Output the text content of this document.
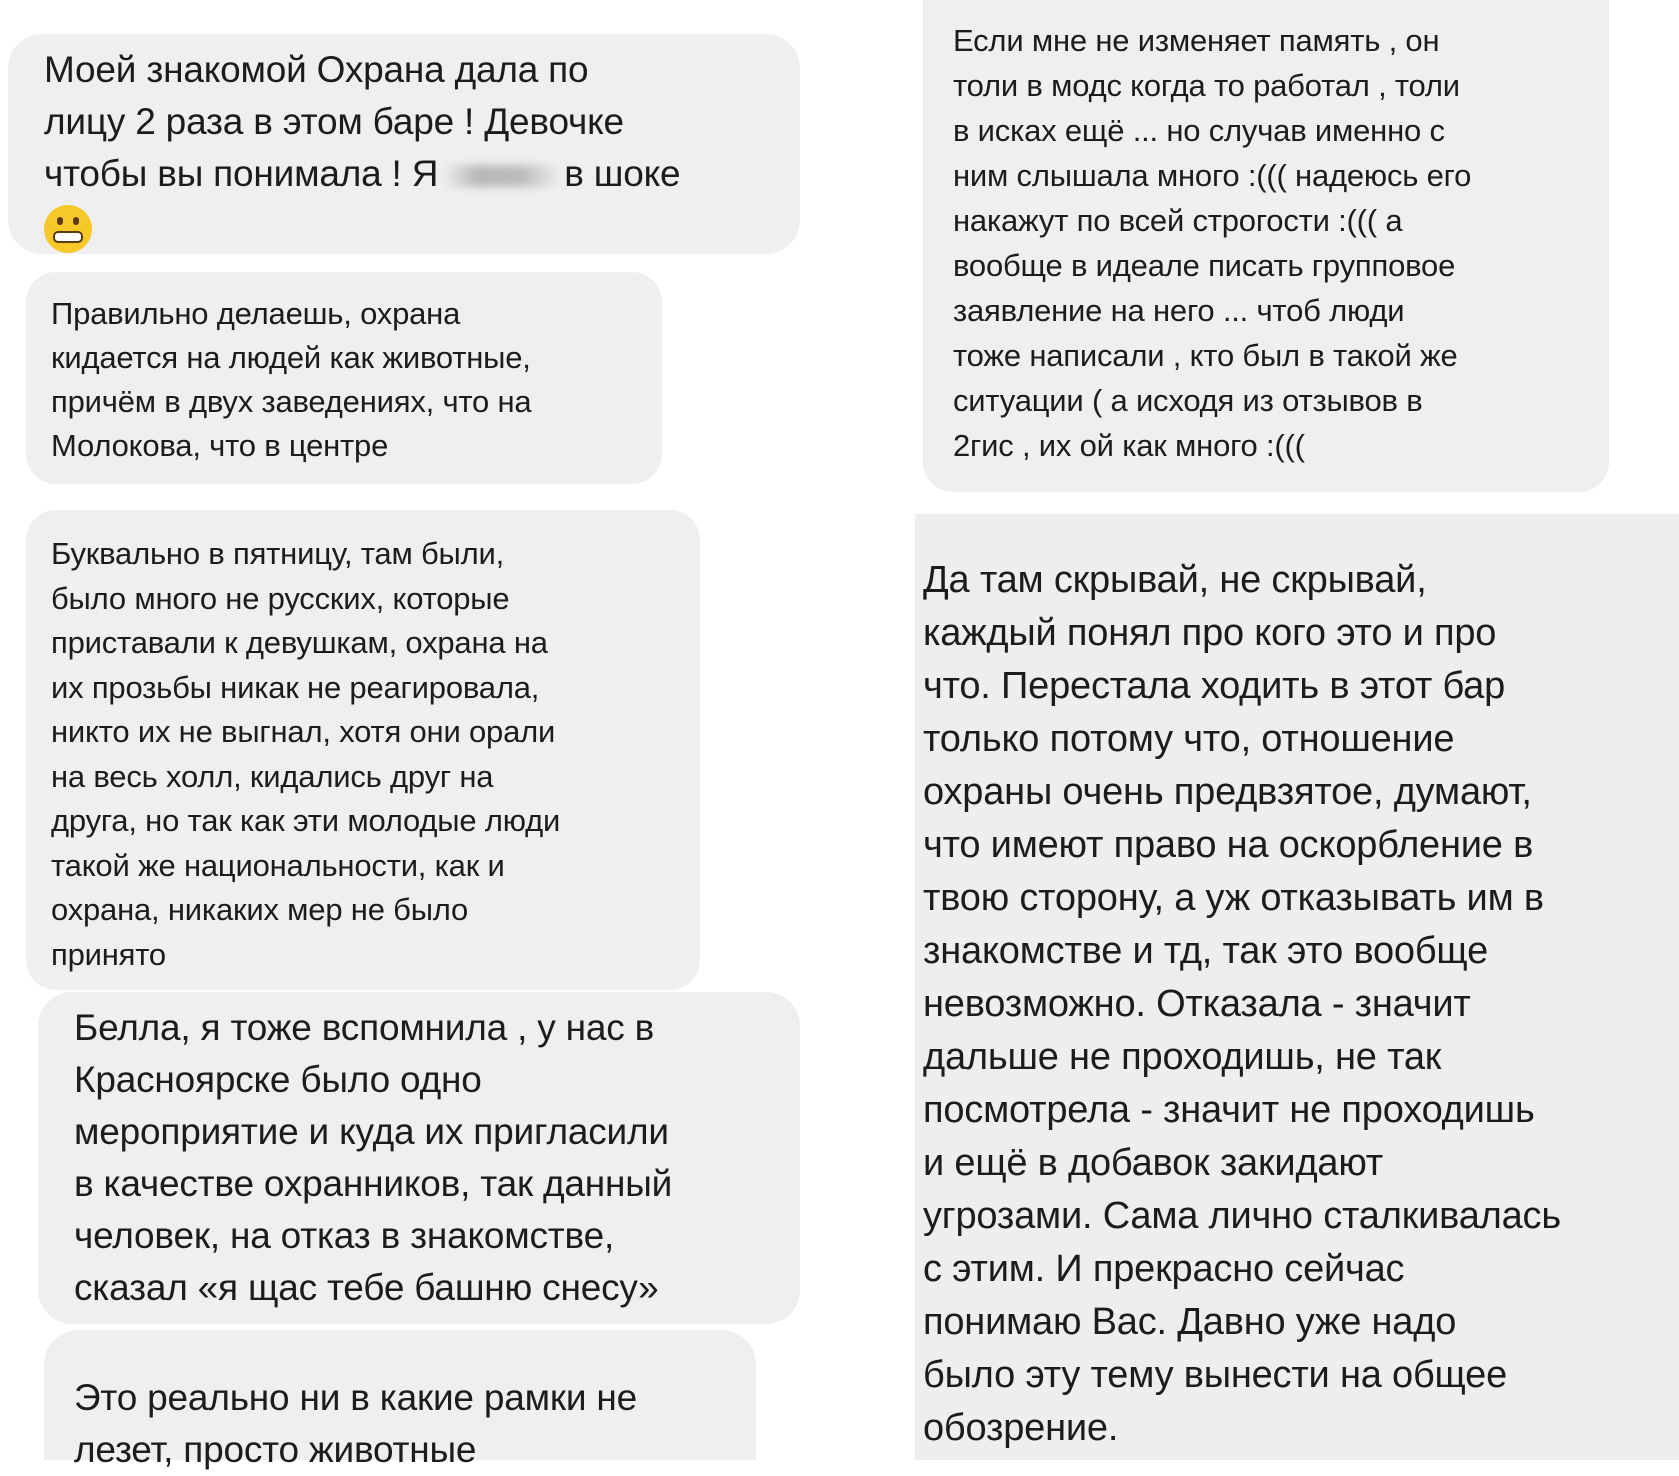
Моей знакомой Охрана дала по
лицу 2 раза в этом баре ! Девочке
чтобы вы понимала ! Я	в шоке

Правильно делаешь, охрана
кидается на людей как животные,
причём в двух заведениях, что на
Молокова, что в центре
Буквально в пятницу, там были,
было много не русских, которые
приставали к девушкам, охрана на
их прозьбы никак не реагировала,
никто их не выгнал, хотя они орали
на весь холл, кидались друг на
друга, но так как эти молодые люди
такой же национальности, как и
охрана, никаких мер не было
принято
Белла, я тоже вспомнила , у нас в
Красноярске было одно
мероприятие и куда их пригласили
в качестве охранников, так данный
человек, на отказ в знакомстве,
сказал «я щас тебе башню снесу»
Это реально ни в какие рамки не
лезет, просто животные
Если мне не изменяет память , он
толи в модс когда то работал , толи
в исках ещё ... но случав именно с
ним слышала много :((( надеюсь его
накажут по всей строгости :((( а
вообще в идеале писать групповое
заявление на него ... чтоб люди
тоже написали , кто был в такой же
ситуации ( а исходя из отзывов в
2гис , их ой как много :(((
Да там скрывай, не скрывай,
каждый понял про кого это и про
что. Перестала ходить в этот бар
только потому что, отношение
охраны очень предвзятое, думают,
что имеют право на оскорбление в
твою сторону, а уж отказывать им в
знакомстве и тд, так это вообще
невозможно. Отказала - значит
дальше не проходишь, не так
посмотрела - значит не проходишь
и ещё в добавок закидают
угрозами. Сама лично сталкивалась
с этим. И прекрасно сейчас
понимаю Вас. Давно уже надо
было эту тему вынести на общее
обозрение.
